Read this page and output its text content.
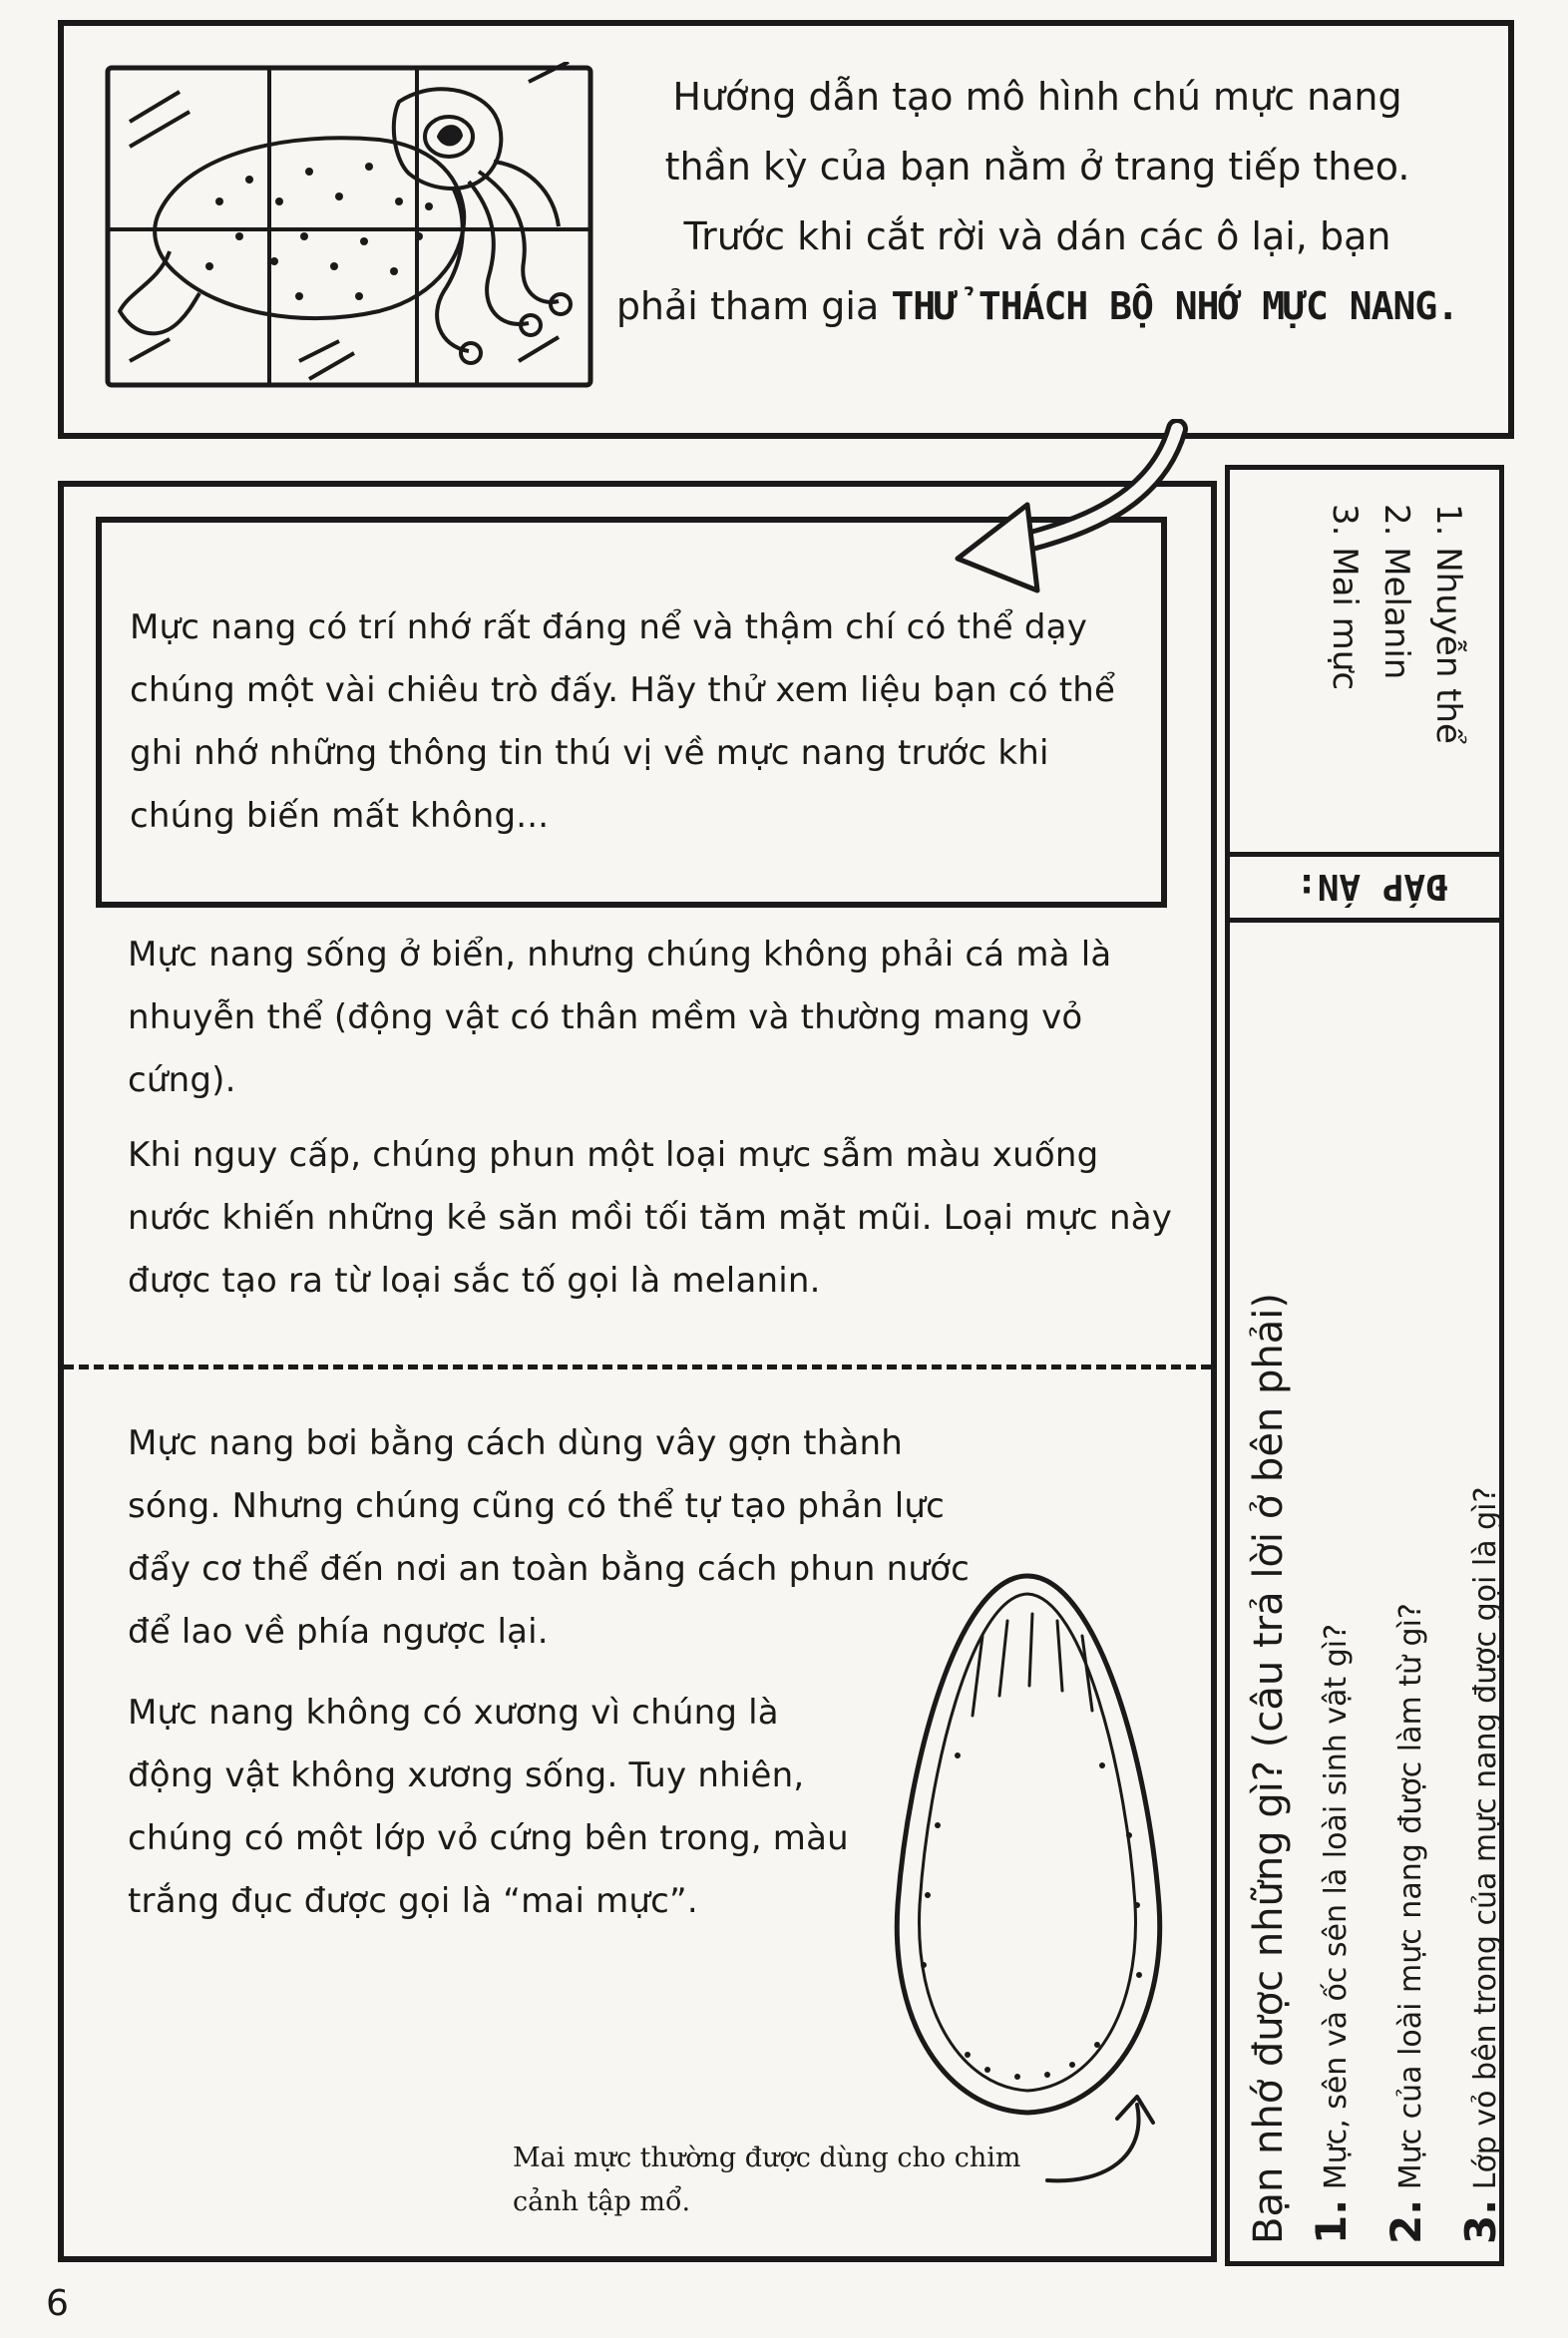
Hướng dẫn tạo mô hình chú mực nang
thần kỳ của bạn nằm ở trang tiếp theo.
Trước khi cắt rời và dán các ô lại, bạn
phải tham gia THỬ THÁCH BỘ NHỚ MỰC NANG.
Mực nang có trí nhớ rất đáng nể và thậm chí có thể dạy chúng một vài chiêu trò đấy. Hãy thử xem liệu bạn có thể ghi nhớ những thông tin thú vị về mực nang trước khi chúng biến mất không...

Mực nang sống ở biển, nhưng chúng không phải cá mà là nhuyễn thể (động vật có thân mềm và thường mang vỏ cứng).

Khi nguy cấp, chúng phun một loại mực sẫm màu xuống nước khiến những kẻ săn mồi tối tăm mặt mũi. Loại mực này được tạo ra từ loại sắc tố gọi là melanin.

Mực nang bơi bằng cách dùng vây gợn thành sóng. Nhưng chúng cũng có thể tự tạo phản lực đẩy cơ thể đến nơi an toàn bằng cách phun nước để lao về phía ngược lại.
Mực nang không có xương vì chúng là động vật không xương sống. Tuy nhiên, chúng có một lớp vỏ cứng bên trong, màu trắng đục được gọi là “mai mực”.
Mai mực thường được dùng cho chim
cảnh tập mổ.
1. Nhuyễn thể
2. Melanin
3. Mai mực
ĐÁP ÁN:
Bạn nhớ được những gì? (câu trả lời ở bên phải) 1. Mực, sên và ốc sên là loài sinh vật gì?
2. Mực của loài mực nang được làm từ gì?
3. Lớp vỏ bên trong của mực nang được gọi là gì?
6
